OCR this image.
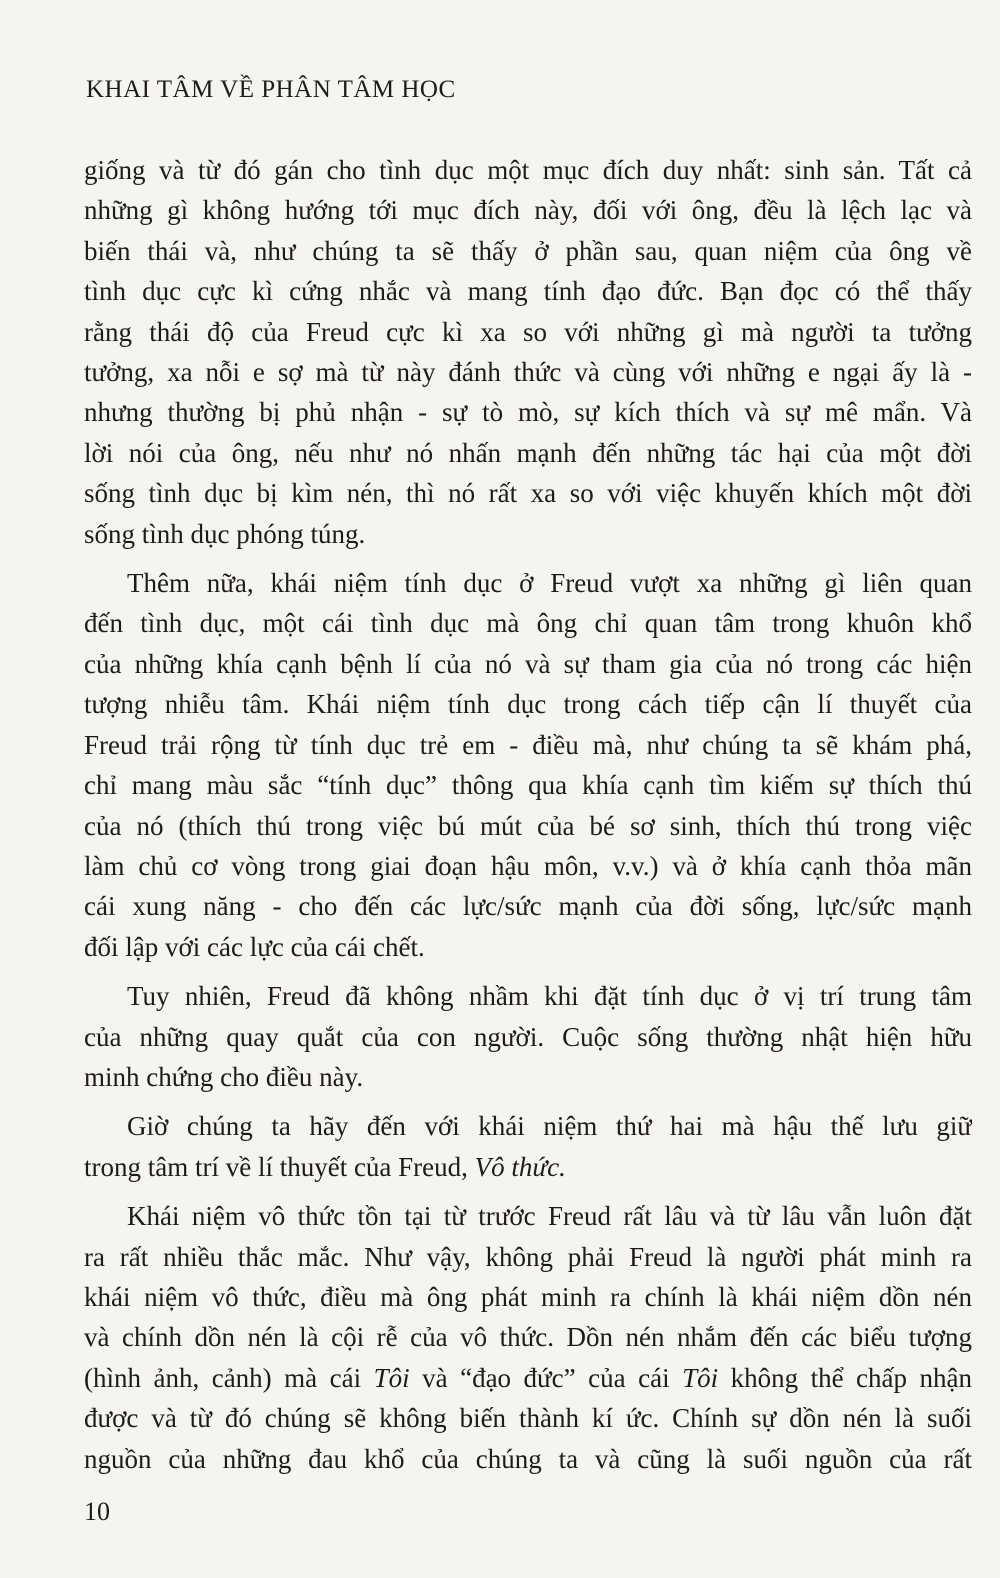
KHAI TÂM VỀ PHÂN TÂM HỌC

giống và từ đó gán cho tình dục một mục đích duy nhất: sinh sản. Tất cả
những gì không hướng tới mục đích này, đối với ông, đều là lệch lạc và
biến thái và, như chúng ta sẽ thấy ở phần sau, quan niệm của ông về
tình dục cực kì cứng nhắc và mang tính đạo đức. Bạn đọc có thể thấy
rằng thái độ của Freud cực kì xa so với những gì mà người ta tưởng
tưởng, xa nỗi e sợ mà từ này đánh thức và cùng với những e ngại ấy là -
nhưng thường bị phủ nhận - sự tò mò, sự kích thích và sự mê mẩn. Và
lời nói của ông, nếu như nó nhấn mạnh đến những tác hại của một đời
sống tình dục bị kìm nén, thì nó rất xa so với việc khuyến khích một đời
sống tình dục phóng túng.

Thêm nữa, khái niệm tính dục ở Freud vượt xa những gì liên quan
đến tình dục, một cái tình dục mà ông chỉ quan tâm trong khuôn khổ
của những khía cạnh bệnh lí của nó và sự tham gia của nó trong các hiện
tượng nhiễu tâm. Khái niệm tính dục trong cách tiếp cận lí thuyết của
Freud trải rộng từ tính dục trẻ em - điều mà, như chúng ta sẽ khám phá,
chỉ mang màu sắc “tính dục” thông qua khía cạnh tìm kiếm sự thích thú
của nó (thích thú trong việc bú mút của bé sơ sinh, thích thú trong việc
làm chủ cơ vòng trong giai đoạn hậu môn, v.v.) và ở khía cạnh thỏa mãn
cái xung năng - cho đến các lực/sức mạnh của đời sống, lực/sức mạnh
đối lập với các lực của cái chết.

Tuy nhiên, Freud đã không nhầm khi đặt tính dục ở vị trí trung tâm
của những quay quắt của con người. Cuộc sống thường nhật hiện hữu
minh chứng cho điều này.

Giờ chúng ta hãy đến với khái niệm thứ hai mà hậu thế lưu giữ
trong tâm trí về lí thuyết của Freud, Vô thức.

Khái niệm vô thức tồn tại từ trước Freud rất lâu và từ lâu vẫn luôn đặt
ra rất nhiều thắc mắc. Như vậy, không phải Freud là người phát minh ra
khái niệm vô thức, điều mà ông phát minh ra chính là khái niệm dồn nén
và chính dồn nén là cội rễ của vô thức. Dồn nén nhắm đến các biểu tượng
(hình ảnh, cảnh) mà cái Tôi và “đạo đức” của cái Tôi không thể chấp nhận
được và từ đó chúng sẽ không biến thành kí ức. Chính sự dồn nén là suối
nguồn của những đau khổ của chúng ta và cũng là suối nguồn của rất

10
